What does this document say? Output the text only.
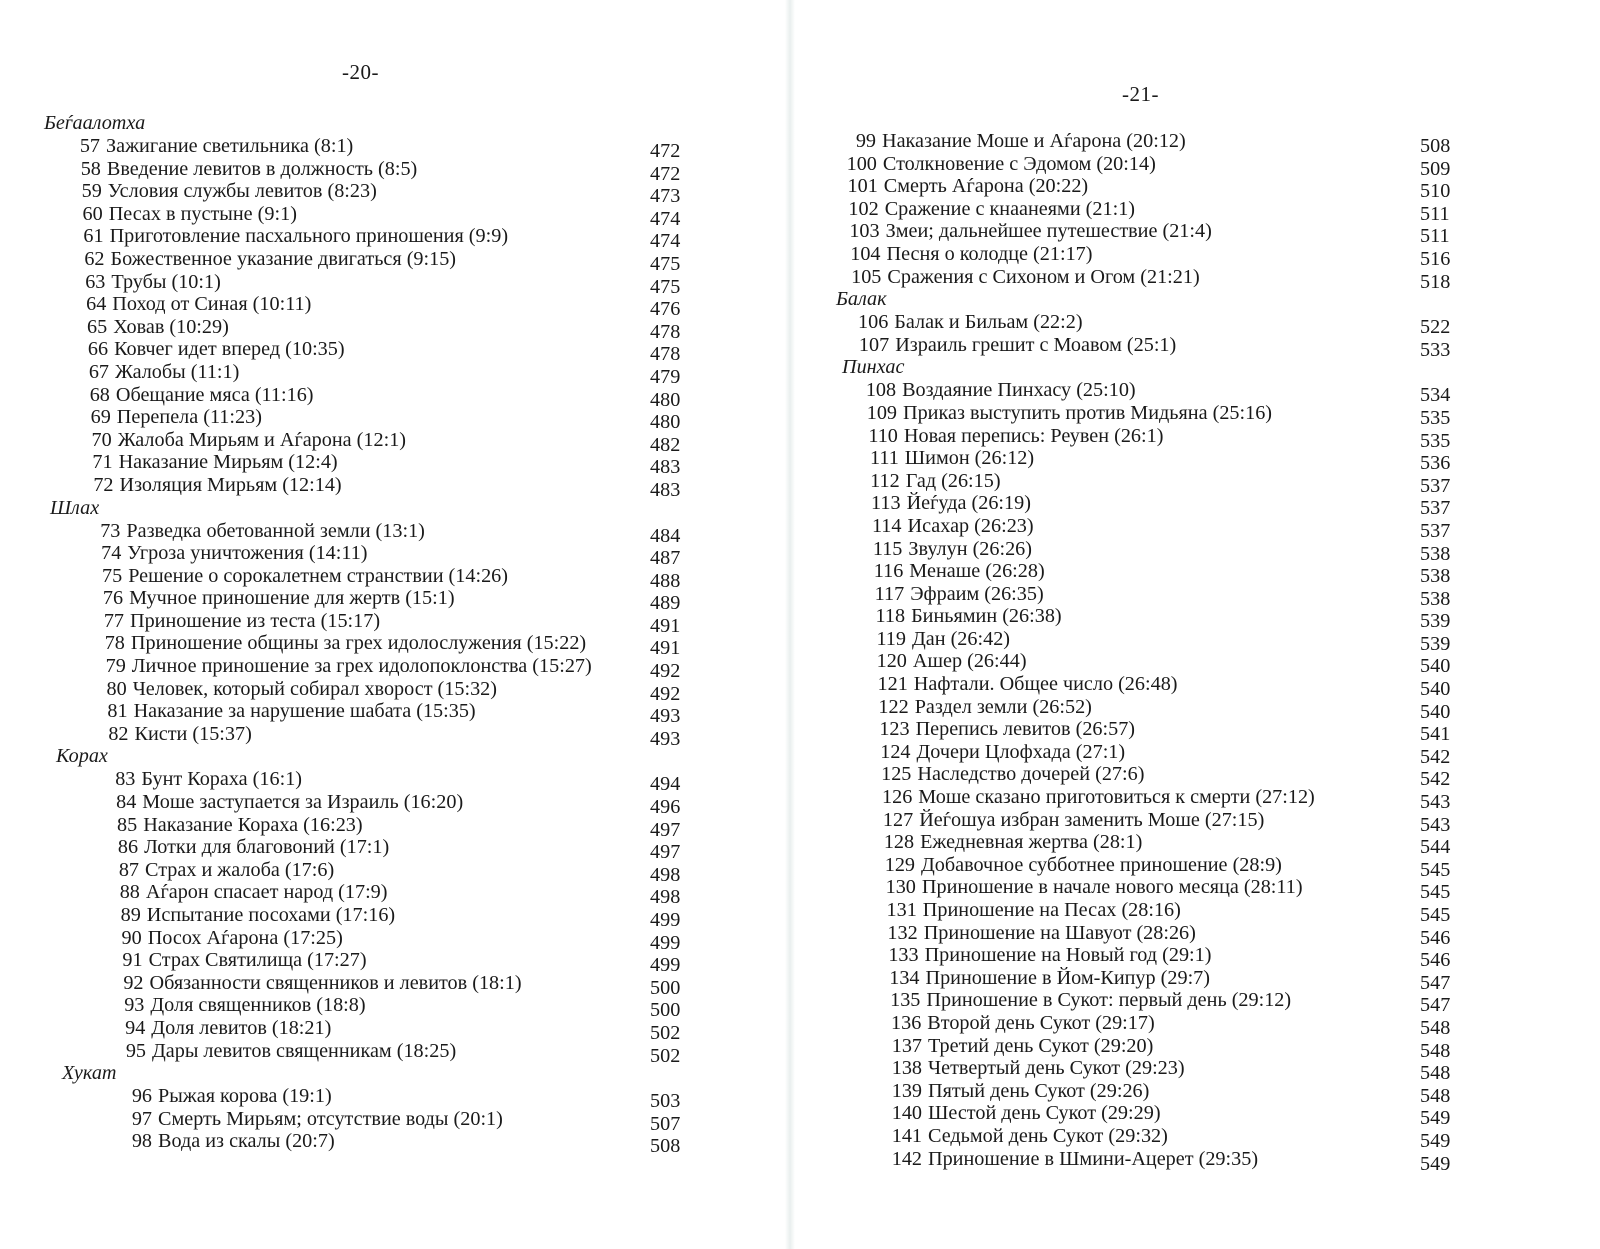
-20-
Беѓаалотха
57 Зажигание светильника (8:1)	472
58 Введение левитов в должность (8:5)	472
59 Условия службы левитов (8:23)	473
60 Песах в пустыне (9:1)	474
61 Приготовление пасхального приношения (9:9)	474
62 Божественное указание двигаться (9:15)	475
63 Трубы (10:1)	475
64 Поход от Синая (10:11)	476
65 Ховав (10:29)	478
66 Ковчег идет вперед (10:35)	478
67 Жалобы (11:1)	479
68 Обещание мяса (11:16)	480
69 Перепела (11:23)	480
70 Жалоба Мирьям и Аѓарона (12:1)	482
71 Наказание Мирьям (12:4)	483
72 Изоляция Мирьям (12:14)	483
Шлах
73 Разведка обетованной земли (13:1)	484
74 Угроза уничтожения (14:11)	487
75 Решение о сорокалетнем странствии (14:26)	488
76 Мучное приношение для жертв (15:1)	489
77 Приношение из теста (15:17)	491
78 Приношение общины за грех идолослужения (15:22)	491
79 Личное приношение за грех идолопоклонства (15:27)	492
80 Человек, который собирал хворост (15:32)	492
81 Наказание за нарушение шабата (15:35)	493
82 Кисти (15:37)	493
Корах
83 Бунт Кораха (16:1)	494
84 Моше заступается за Израиль (16:20)	496
85 Наказание Кораха (16:23)	497
86 Лотки для благовоний (17:1)	497
87 Страх и жалоба (17:6)	498
88 Аѓарон спасает народ (17:9)	498
89 Испытание посохами (17:16)	499
90 Посох Аѓарона (17:25)	499
91 Страх Святилища (17:27)	499
92 Обязанности священников и левитов (18:1)	500
93 Доля священников (18:8)	500
94 Доля левитов (18:21)	502
95 Дары левитов священникам (18:25)	502
Хукат
96 Рыжая корова (19:1)	503
97 Смерть Мирьям; отсутствие воды (20:1)	507
98 Вода из скалы (20:7)	508
-21-
99 Наказание Моше и Аѓарона (20:12)	508
100 Столкновение с Эдомом (20:14)	509
101 Смерть Аѓарона (20:22)	510
102 Сражение с кнаанеями (21:1)	511
103 Змеи; дальнейшее путешествие (21:4)	511
104 Песня о колодце (21:17)	516
105 Сражения с Сихоном и Огом (21:21)	518
Балак
106 Балак и Бильам (22:2)	522
107 Израиль грешит с Моавом (25:1)	533
Пинхас
108 Воздаяние Пинхасу (25:10)	534
109 Приказ выступить против Мидьяна (25:16)	535
110 Новая перепись: Реувен (26:1)	535
111 Шимон (26:12)	536
112 Гад (26:15)	537
113 Йеѓуда (26:19)	537
114 Исахар (26:23)	537
115 Звулун (26:26)	538
116 Менаше (26:28)	538
117 Эфраим (26:35)	538
118 Биньямин (26:38)	539
119 Дан (26:42)	539
120 Ашер (26:44)	540
121 Нафтали. Общее число (26:48)	540
122 Раздел земли (26:52)	540
123 Перепись левитов (26:57)	541
124 Дочери Цлофхада (27:1)	542
125 Наследство дочерей (27:6)	542
126 Моше сказано приготовиться к смерти (27:12)	543
127 Йеѓошуа избран заменить Моше (27:15)	543
128 Ежедневная жертва (28:1)	544
129 Добавочное субботнее приношение (28:9)	545
130 Приношение в начале нового месяца (28:11)	545
131 Приношение на Песах (28:16)	545
132 Приношение на Шавуот (28:26)	546
133 Приношение на Новый год (29:1)	546
134 Приношение в Йом-Кипур (29:7)	547
135 Приношение в Сукот: первый день (29:12)	547
136 Второй день Сукот (29:17)	548
137 Третий день Сукот (29:20)	548
138 Четвертый день Сукот (29:23)	548
139 Пятый день Сукот (29:26)	548
140 Шестой день Сукот (29:29)	549
141 Седьмой день Сукот (29:32)	549
142 Приношение в Шмини-Ацерет (29:35)	549
